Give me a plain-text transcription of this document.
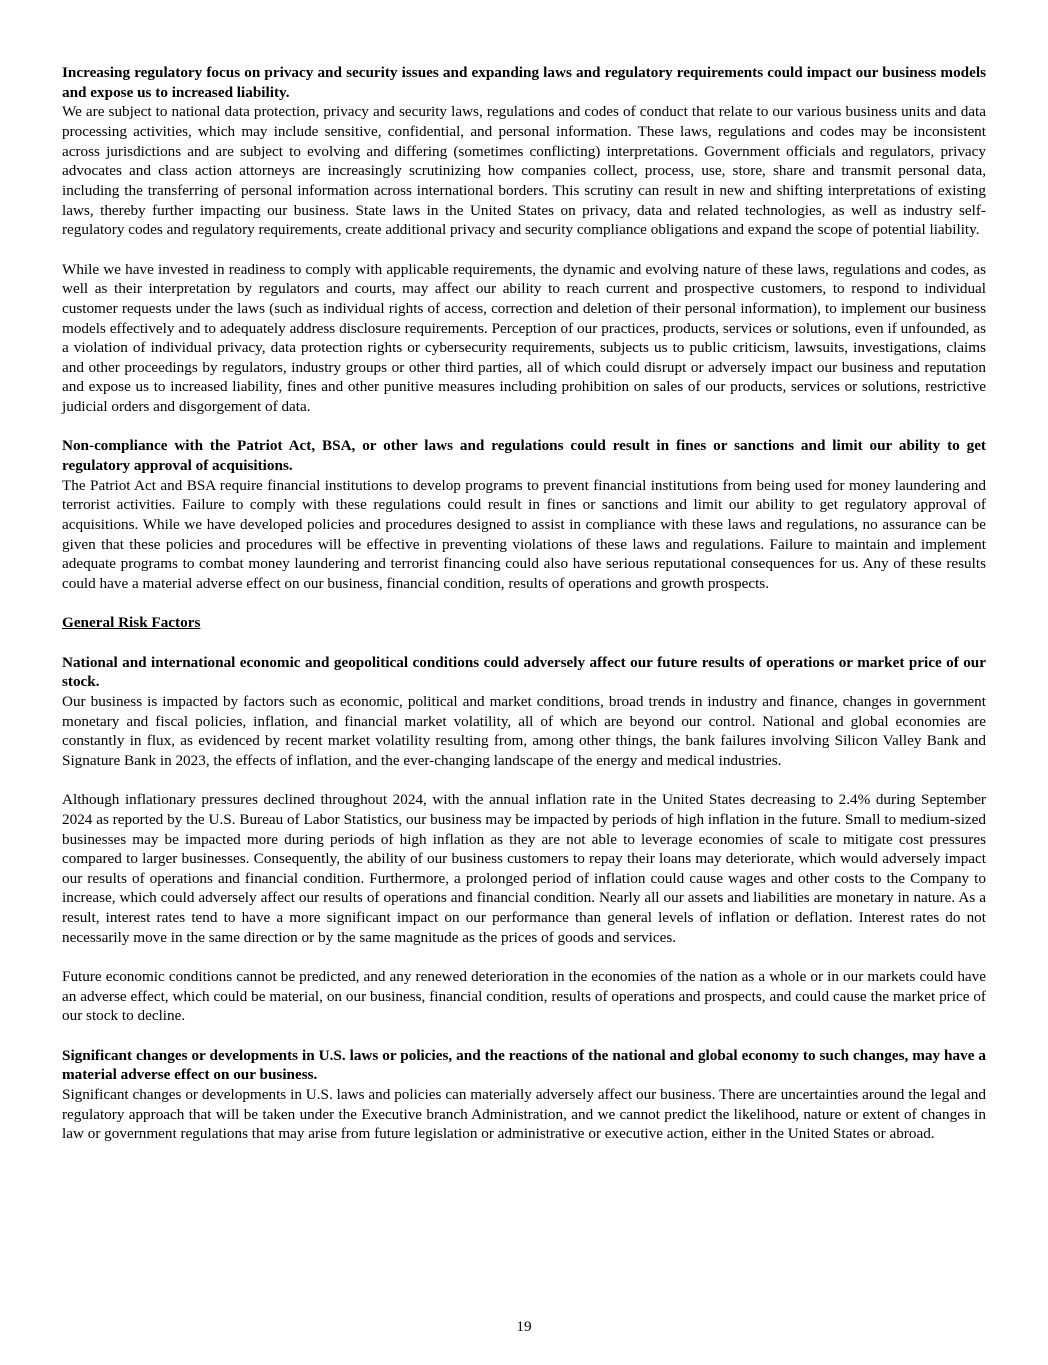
Increasing regulatory focus on privacy and security issues and expanding laws and regulatory requirements could impact our business models and expose us to increased liability.

We are subject to national data protection, privacy and security laws, regulations and codes of conduct that relate to our various business units and data processing activities, which may include sensitive, confidential, and personal information. These laws, regulations and codes may be inconsistent across jurisdictions and are subject to evolving and differing (sometimes conflicting) interpretations. Government officials and regulators, privacy advocates and class action attorneys are increasingly scrutinizing how companies collect, process, use, store, share and transmit personal data, including the transferring of personal information across international borders. This scrutiny can result in new and shifting interpretations of existing laws, thereby further impacting our business. State laws in the United States on privacy, data and related technologies, as well as industry self-regulatory codes and regulatory requirements, create additional privacy and security compliance obligations and expand the scope of potential liability.

While we have invested in readiness to comply with applicable requirements, the dynamic and evolving nature of these laws, regulations and codes, as well as their interpretation by regulators and courts, may affect our ability to reach current and prospective customers, to respond to individual customer requests under the laws (such as individual rights of access, correction and deletion of their personal information), to implement our business models effectively and to adequately address disclosure requirements. Perception of our practices, products, services or solutions, even if unfounded, as a violation of individual privacy, data protection rights or cybersecurity requirements, subjects us to public criticism, lawsuits, investigations, claims and other proceedings by regulators, industry groups or other third parties, all of which could disrupt or adversely impact our business and reputation and expose us to increased liability, fines and other punitive measures including prohibition on sales of our products, services or solutions, restrictive judicial orders and disgorgement of data.

Non-compliance with the Patriot Act, BSA, or other laws and regulations could result in fines or sanctions and limit our ability to get regulatory approval of acquisitions.

The Patriot Act and BSA require financial institutions to develop programs to prevent financial institutions from being used for money laundering and terrorist activities. Failure to comply with these regulations could result in fines or sanctions and limit our ability to get regulatory approval of acquisitions. While we have developed policies and procedures designed to assist in compliance with these laws and regulations, no assurance can be given that these policies and procedures will be effective in preventing violations of these laws and regulations. Failure to maintain and implement adequate programs to combat money laundering and terrorist financing could also have serious reputational consequences for us. Any of these results could have a material adverse effect on our business, financial condition, results of operations and growth prospects.

General Risk Factors

National and international economic and geopolitical conditions could adversely affect our future results of operations or market price of our stock.

Our business is impacted by factors such as economic, political and market conditions, broad trends in industry and finance, changes in government monetary and fiscal policies, inflation, and financial market volatility, all of which are beyond our control. National and global economies are constantly in flux, as evidenced by recent market volatility resulting from, among other things, the bank failures involving Silicon Valley Bank and Signature Bank in 2023, the effects of inflation, and the ever-changing landscape of the energy and medical industries.

Although inflationary pressures declined throughout 2024, with the annual inflation rate in the United States decreasing to 2.4% during September 2024 as reported by the U.S. Bureau of Labor Statistics, our business may be impacted by periods of high inflation in the future. Small to medium-sized businesses may be impacted more during periods of high inflation as they are not able to leverage economies of scale to mitigate cost pressures compared to larger businesses. Consequently, the ability of our business customers to repay their loans may deteriorate, which would adversely impact our results of operations and financial condition. Furthermore, a prolonged period of inflation could cause wages and other costs to the Company to increase, which could adversely affect our results of operations and financial condition. Nearly all our assets and liabilities are monetary in nature. As a result, interest rates tend to have a more significant impact on our performance than general levels of inflation or deflation. Interest rates do not necessarily move in the same direction or by the same magnitude as the prices of goods and services.

Future economic conditions cannot be predicted, and any renewed deterioration in the economies of the nation as a whole or in our markets could have an adverse effect, which could be material, on our business, financial condition, results of operations and prospects, and could cause the market price of our stock to decline.

Significant changes or developments in U.S. laws or policies, and the reactions of the national and global economy to such changes, may have a material adverse effect on our business.

Significant changes or developments in U.S. laws and policies can materially adversely affect our business. There are uncertainties around the legal and regulatory approach that will be taken under the Executive branch Administration, and we cannot predict the likelihood, nature or extent of changes in law or government regulations that may arise from future legislation or administrative or executive action, either in the United States or abroad.

19
